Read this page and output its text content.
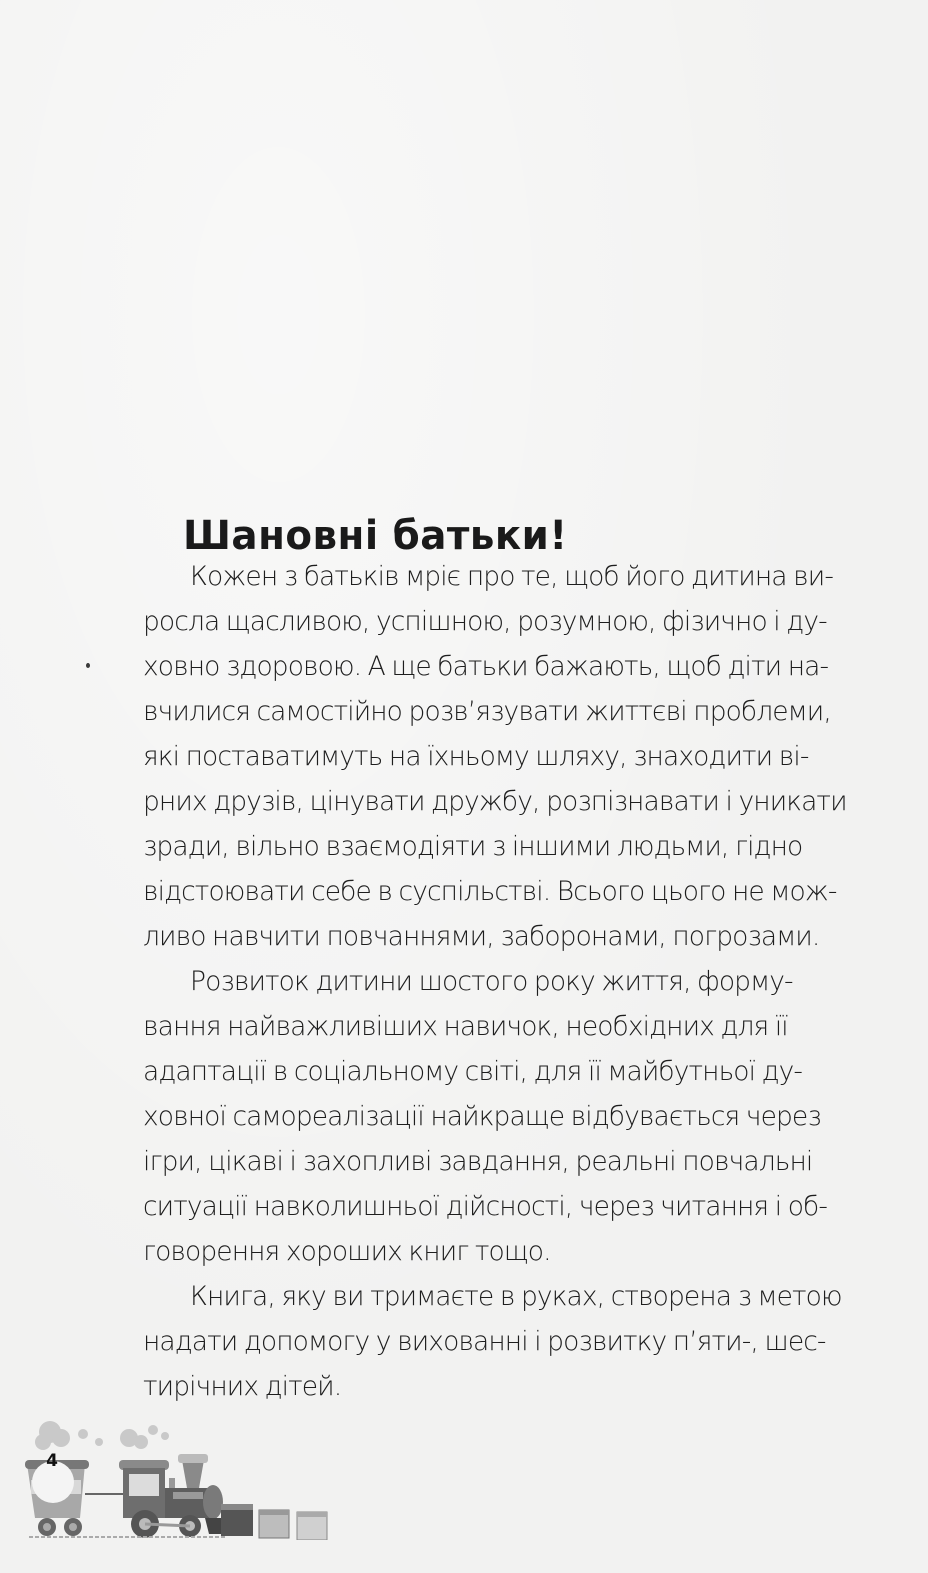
Шановні батьки!
Кожен з батьків мріє про те, щоб його дитина ви-
росла щасливою, успішною, розумною, фізично і ду-
ховно здоровою. А ще батьки бажають, щоб діти на-
вчилися самостійно розв’язувати життєві проблеми,
які поставатимуть на їхньому шляху, знаходити ві-
рних друзів, цінувати дружбу, розпізнавати і уникати
зради, вільно взаємодіяти з іншими людьми, гідно
відстоювати себе в суспільстві. Всього цього не мож-
ливо навчити повчаннями, заборонами, погрозами.
Розвиток дитини шостого року життя, форму-
вання найважливіших навичок, необхідних для її
адаптації в соціальному світі, для її майбутньої ду-
ховної самореалізації найкраще відбувається через
ігри, цікаві і захопливі завдання, реальні повчальні
ситуації навколишньої дійсності, через читання і об-
говорення хороших книг тощо.
Книга, яку ви тримаєте в руках, створена з метою
надати допомогу у вихованні і розвитку п’яти-, шес-
тирічних дітей.
4
